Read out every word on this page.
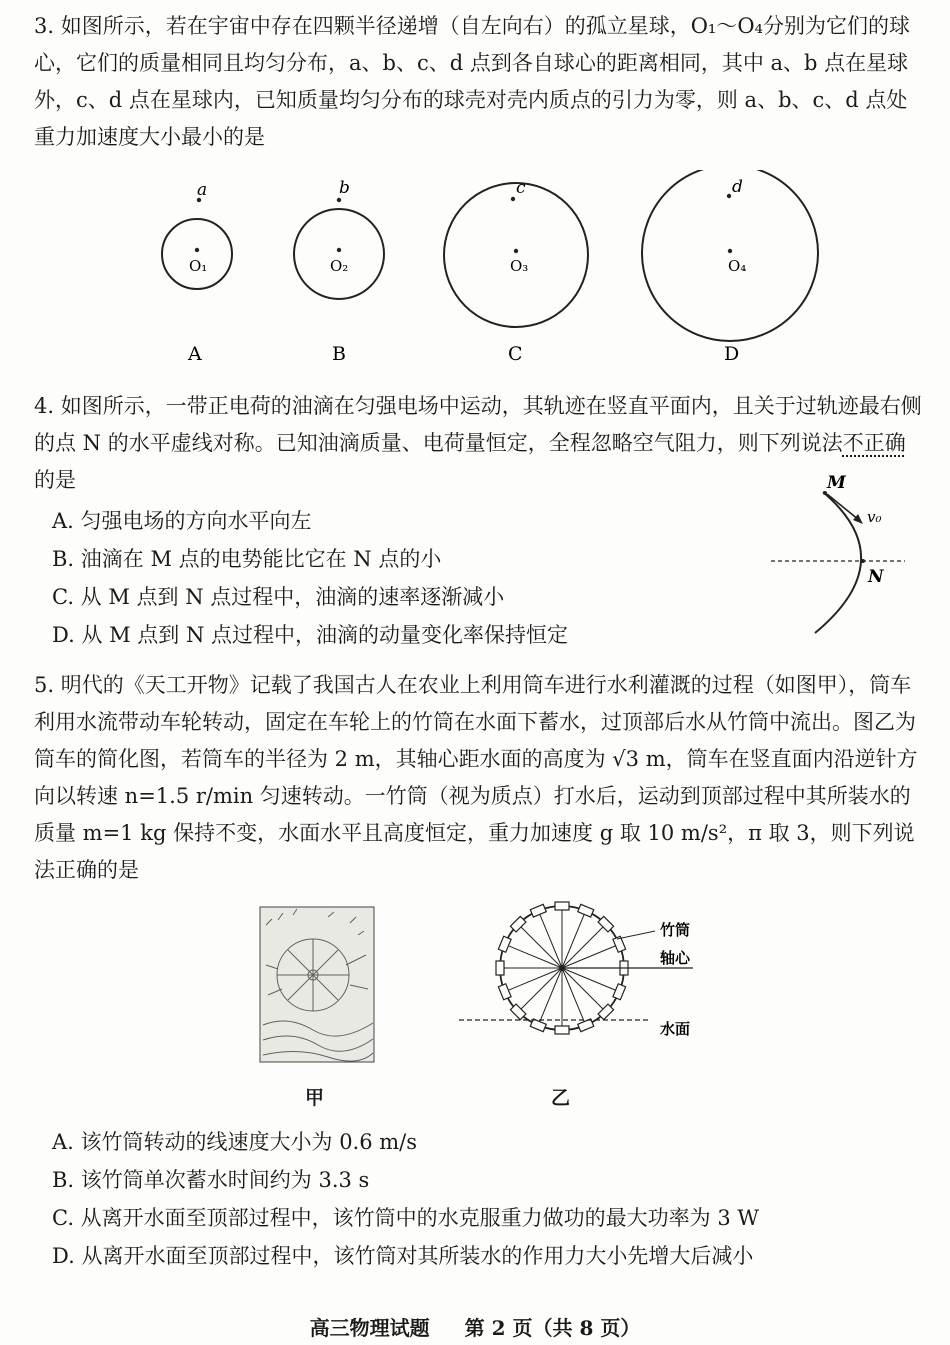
3. 如图所示，若在宇宙中存在四颗半径递增（自左向右）的孤立星球，O₁～O₄分别为它们的球心，它们的质量相同且均匀分布，a、b、c、d 点到各自球心的距离相同，其中 a、b 点在星球外，c、d 点在星球内，已知质量均匀分布的球壳对壳内质点的引力为零，则 a、b、c、d 点处重力加速度大小最小的是

a
O₁
A
b
O₂
B
c
O₃
C
d
O₄
D

4. 如图所示，一带正电荷的油滴在匀强电场中运动，其轨迹在竖直平面内，且关于过轨迹最右侧的点 N 的水平虚线对称。已知油滴质量、电荷量恒定，全程忽略空气阻力，则下列说法不正确的是

A. 匀强电场的方向水平向左
B. 油滴在 M 点的电势能比它在 N 点的小
C. 从 M 点到 N 点过程中，油滴的速率逐渐减小
D. 从 M 点到 N 点过程中，油滴的动量变化率保持恒定
M
N
v₀

5. 明代的《天工开物》记载了我国古人在农业上利用筒车进行水利灌溉的过程（如图甲），筒车利用水流带动车轮转动，固定在车轮上的竹筒在水面下蓄水，过顶部后水从竹筒中流出。图乙为筒车的简化图，若筒车的半径为 2 m，其轴心距水面的高度为 √3 m，筒车在竖直面内沿逆针方向以转速 n=1.5 r/min 匀速转动。一竹筒（视为质点）打水后，运动到顶部过程中其所装水的质量 m=1 kg 保持不变，水面水平且高度恒定，重力加速度 g 取 10 m/s²，π 取 3，则下列说法正确的是

甲
竹筒
轴心
水面
乙
A. 该竹筒转动的线速度大小为 0.6 m/s
B. 该竹筒单次蓄水时间约为 3.3 s
C. 从离开水面至顶部过程中，该竹筒中的水克服重力做功的最大功率为 3 W
D. 从离开水面至顶部过程中，该竹筒对其所装水的作用力大小先增大后减小
高三物理试题 第 2 页（共 8 页）
